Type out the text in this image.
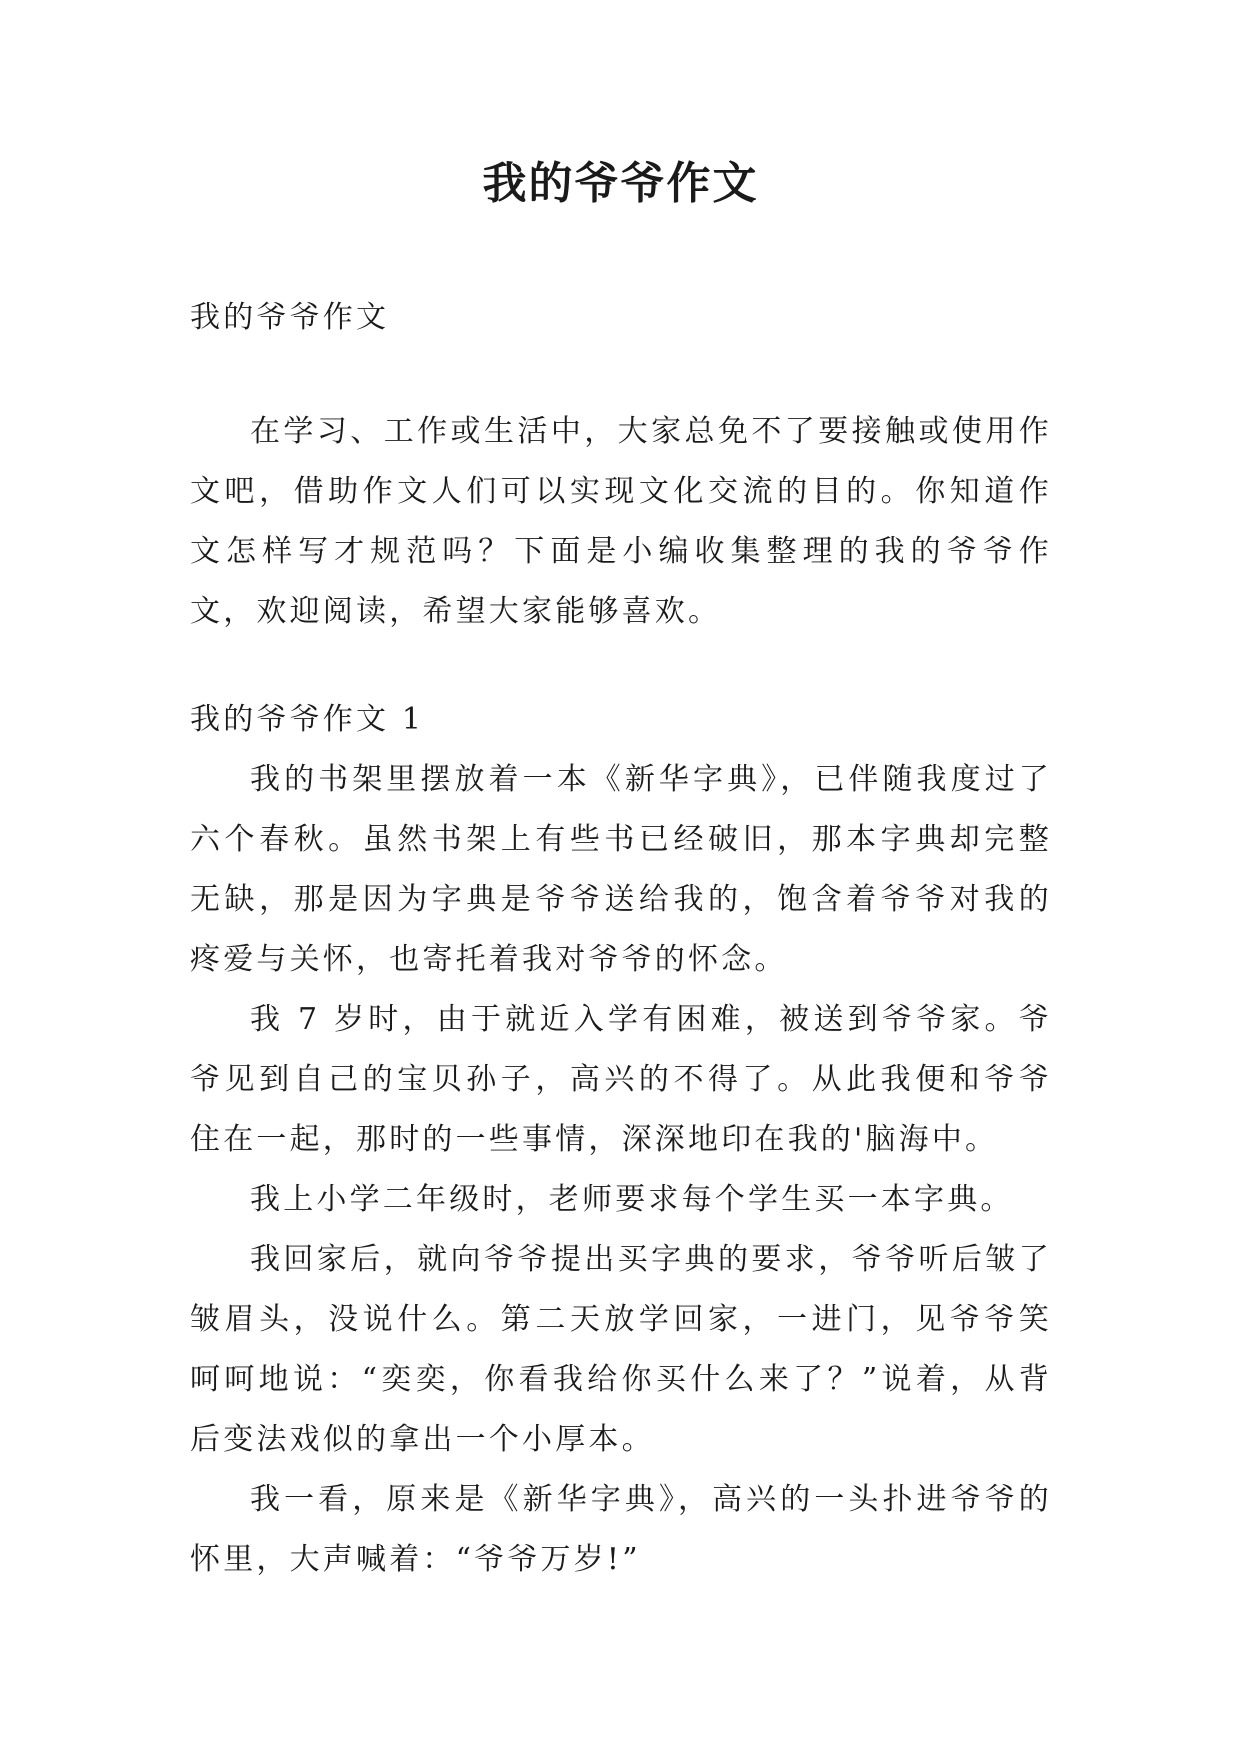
我的爷爷作文
我的爷爷作文

在学习、工作或生活中，大家总免不了要接触或使用作文吧，借助作文人们可以实现文化交流的目的。你知道作文怎样写才规范吗？下面是小编收集整理的我的爷爷作文，欢迎阅读，希望大家能够喜欢。

我的爷爷作文 1

我的书架里摆放着一本《新华字典》，已伴随我度过了六个春秋。虽然书架上有些书已经破旧，那本字典却完整无缺，那是因为字典是爷爷送给我的，饱含着爷爷对我的疼爱与关怀，也寄托着我对爷爷的怀念。

我 7 岁时，由于就近入学有困难，被送到爷爷家。爷爷见到自己的宝贝孙子，高兴的不得了。从此我便和爷爷住在一起，那时的一些事情，深深地印在我的'脑海中。

我上小学二年级时，老师要求每个学生买一本字典。

我回家后，就向爷爷提出买字典的要求，爷爷听后皱了皱眉头，没说什么。第二天放学回家，一进门，见爷爷笑呵呵地说：“奕奕，你看我给你买什么来了？”说着，从背后变法戏似的拿出一个小厚本。

我一看，原来是《新华字典》，高兴的一头扑进爷爷的怀里，大声喊着：“爷爷万岁!”
